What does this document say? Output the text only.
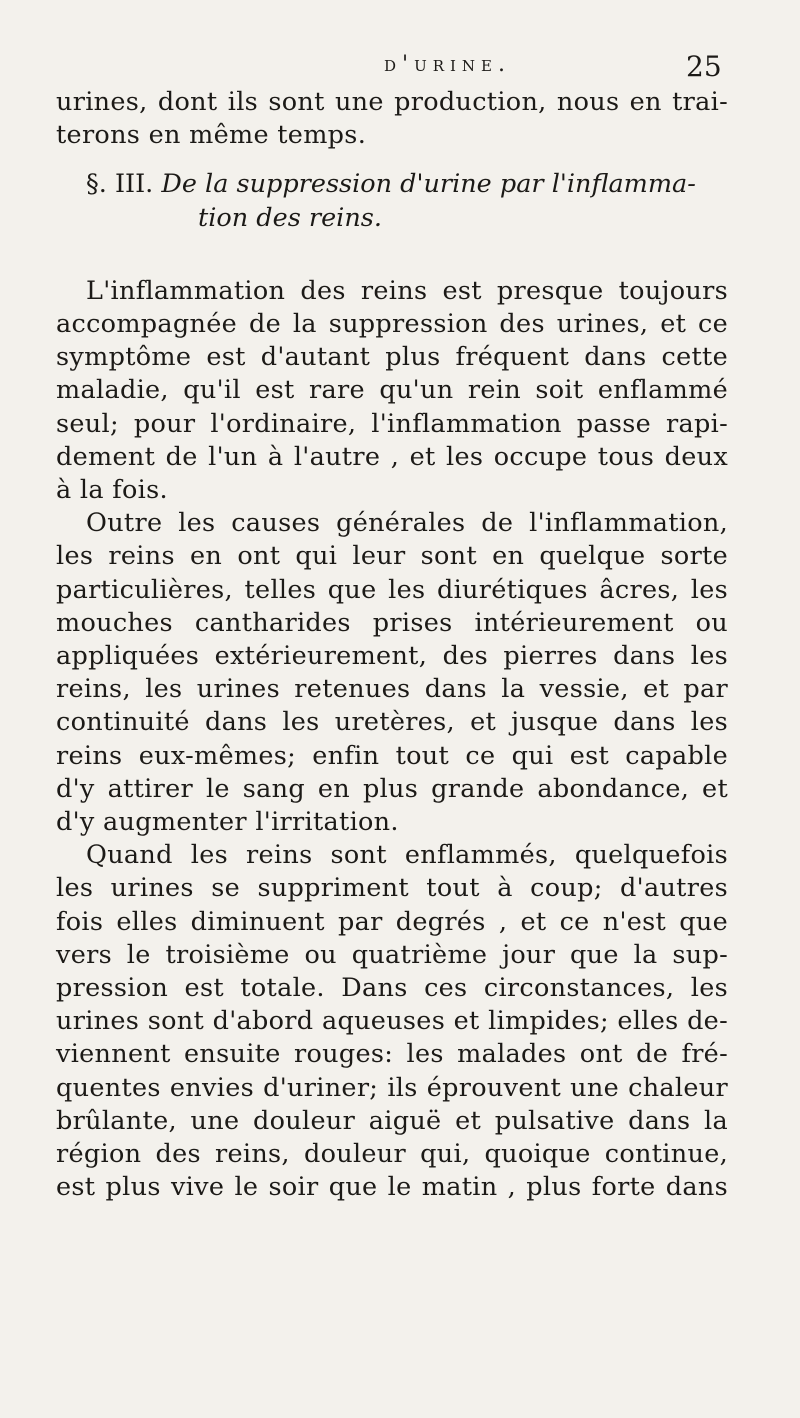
d'urine.	25
urines, dont ils sont une production, nous en trai-
terons en même temps.
§. III. De la suppression d'urine par l'inflamma-
tion des reins.
L'inflammation des reins est presque toujours
accompagnée de la suppression des urines, et ce
symptôme est d'autant plus fréquent dans cette
maladie, qu'il est rare qu'un rein soit enflammé
seul; pour l'ordinaire, l'inflammation passe rapi-
dement de l'un à l'autre , et les occupe tous deux
à la fois.
Outre les causes générales de l'inflammation,
les reins en ont qui leur sont en quelque sorte
particulières, telles que les diurétiques âcres, les
mouches cantharides prises intérieurement ou
appliquées extérieurement, des pierres dans les
reins, les urines retenues dans la vessie, et par
continuité dans les uretères, et jusque dans les
reins eux-mêmes; enfin tout ce qui est capable
d'y attirer le sang en plus grande abondance, et
d'y augmenter l'irritation.
Quand les reins sont enflammés, quelquefois
les urines se suppriment tout à coup; d'autres
fois elles diminuent par degrés , et ce n'est que
vers le troisième ou quatrième jour que la sup-
pression est totale. Dans ces circonstances, les
urines sont d'abord aqueuses et limpides; elles de-
viennent ensuite rouges: les malades ont de fré-
quentes envies d'uriner; ils éprouvent une chaleur
brûlante, une douleur aiguë et pulsative dans la
région des reins, douleur qui, quoique continue,
est plus vive le soir que le matin , plus forte dans
